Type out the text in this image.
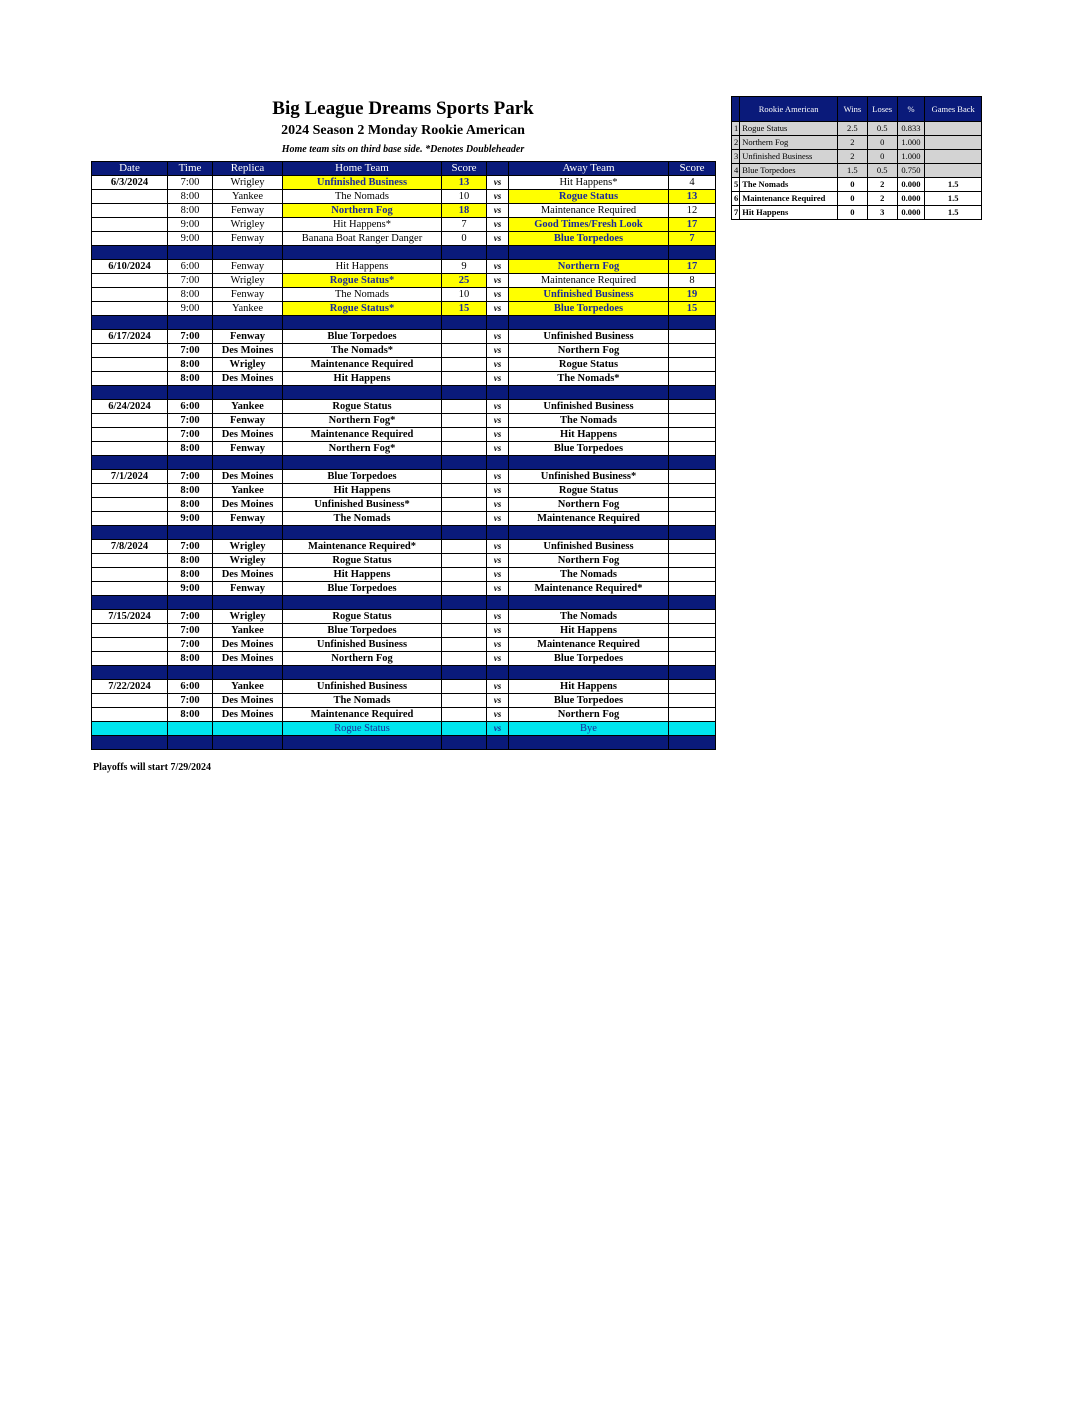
Big League Dreams Sports Park
2024 Season 2 Monday Rookie American
Home team sits on third base side. *Denotes Doubleheader
Date	Time	Replica	Home Team	Score		Away Team	Score
6/3/2024	7:00	Wrigley	Unfinished Business	13	vs	Hit Happens*	4
	8:00	Yankee	The Nomads	10	vs	Rogue Status	13
	8:00	Fenway	Northern Fog	18	vs	Maintenance Required	12
	9:00	Wrigley	Hit Happens*	7	vs	Good Times/Fresh Look	17
	9:00	Fenway	Banana Boat Ranger Danger	0	vs	Blue Torpedoes	7

6/10/2024	6:00	Fenway	Hit Happens	9	vs	Northern Fog	17
	7:00	Wrigley	Rogue Status*	25	vs	Maintenance Required	8
	8:00	Fenway	The Nomads	10	vs	Unfinished Business	19
	9:00	Yankee	Rogue Status*	15	vs	Blue Torpedoes	15

6/17/2024	7:00	Fenway	Blue Torpedoes		vs	Unfinished Business	
	7:00	Des Moines	The Nomads*		vs	Northern Fog	
	8:00	Wrigley	Maintenance Required		vs	Rogue Status	
	8:00	Des Moines	Hit Happens		vs	The Nomads*	

6/24/2024	6:00	Yankee	Rogue Status		vs	Unfinished Business	
	7:00	Fenway	Northern Fog*		vs	The Nomads	
	7:00	Des Moines	Maintenance Required		vs	Hit Happens	
	8:00	Fenway	Northern Fog*		vs	Blue Torpedoes	

7/1/2024	7:00	Des Moines	Blue Torpedoes		vs	Unfinished Business*	
	8:00	Yankee	Hit Happens		vs	Rogue Status	
	8:00	Des Moines	Unfinished Business*		vs	Northern Fog	
	9:00	Fenway	The Nomads		vs	Maintenance Required	

7/8/2024	7:00	Wrigley	Maintenance Required*		vs	Unfinished Business	
	8:00	Wrigley	Rogue Status		vs	Northern Fog	
	8:00	Des Moines	Hit Happens		vs	The Nomads	
	9:00	Fenway	Blue Torpedoes		vs	Maintenance Required*	

7/15/2024	7:00	Wrigley	Rogue Status		vs	The Nomads	
	7:00	Yankee	Blue Torpedoes		vs	Hit Happens	
	7:00	Des Moines	Unfinished Business		vs	Maintenance Required	
	8:00	Des Moines	Northern Fog		vs	Blue Torpedoes	

7/22/2024	6:00	Yankee	Unfinished Business		vs	Hit Happens	
	7:00	Des Moines	The Nomads		vs	Blue Torpedoes	
	8:00	Des Moines	Maintenance Required		vs	Northern Fog	
			Rogue Status		vs	Bye	

Playoffs will start 7/29/2024
	Rookie American	Wins	Loses	%	Games Back
1	Rogue Status	2.5	0.5	0.833	
2	Northern Fog	2	0	1.000	
3	Unfinished Business	2	0	1.000	
4	Blue Torpedoes	1.5	0.5	0.750	
5	The Nomads	0	2	0.000	1.5
6	Maintenance Required	0	2	0.000	1.5
7	Hit Happens	0	3	0.000	1.5
